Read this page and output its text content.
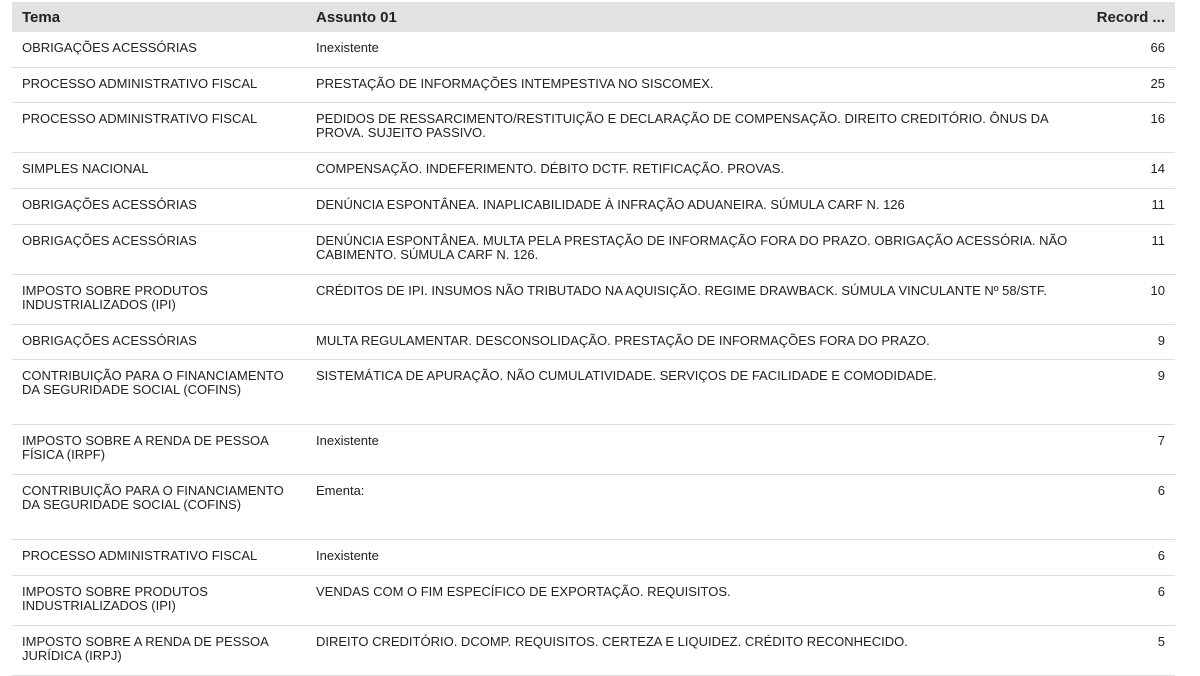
Tema	Assunto 01	Record ...
OBRIGAÇÕES ACESSÓRIAS	Inexistente	66
PROCESSO ADMINISTRATIVO FISCAL	PRESTAÇÃO DE INFORMAÇÕES INTEMPESTIVA NO SISCOMEX.	25
PROCESSO ADMINISTRATIVO FISCAL	PEDIDOS DE RESSARCIMENTO/RESTITUIÇÃO E DECLARAÇÃO DE COMPENSAÇÃO. DIREITO CREDITÓRIO. ÔNUS DA PROVA. SUJEITO PASSIVO.	16
SIMPLES NACIONAL	COMPENSAÇÃO. INDEFERIMENTO. DÉBITO DCTF. RETIFICAÇÃO. PROVAS.	14
OBRIGAÇÕES ACESSÓRIAS	DENÚNCIA ESPONTÂNEA. INAPLICABILIDADE À INFRAÇÃO ADUANEIRA. SÚMULA CARF N. 126	11
OBRIGAÇÕES ACESSÓRIAS	DENÚNCIA ESPONTÂNEA. MULTA PELA PRESTAÇÃO DE INFORMAÇÃO FORA DO PRAZO. OBRIGAÇÃO ACESSÓRIA. NÃO CABIMENTO. SÚMULA CARF N. 126.	11
IMPOSTO SOBRE PRODUTOS INDUSTRIALIZADOS (IPI)	CRÉDITOS DE IPI. INSUMOS NÃO TRIBUTADO NA AQUISIÇÃO. REGIME DRAWBACK. SÚMULA VINCULANTE Nº 58/STF.	10
OBRIGAÇÕES ACESSÓRIAS	MULTA REGULAMENTAR. DESCONSOLIDAÇÃO. PRESTAÇÃO DE INFORMAÇÕES FORA DO PRAZO.	9
CONTRIBUIÇÃO PARA O FINANCIAMENTO DA SEGURIDADE SOCIAL (COFINS)	SISTEMÁTICA DE APURAÇÃO. NÃO CUMULATIVIDADE. SERVIÇOS DE FACILIDADE E COMODIDADE.	9
IMPOSTO SOBRE A RENDA DE PESSOA FÍSICA (IRPF)	Inexistente	7
CONTRIBUIÇÃO PARA O FINANCIAMENTO DA SEGURIDADE SOCIAL (COFINS)	Ementa:	6
PROCESSO ADMINISTRATIVO FISCAL	Inexistente	6
IMPOSTO SOBRE PRODUTOS INDUSTRIALIZADOS (IPI)	VENDAS COM O FIM ESPECÍFICO DE EXPORTAÇÃO. REQUISITOS.	6
IMPOSTO SOBRE A RENDA DE PESSOA JURÍDICA (IRPJ)	DIREITO CREDITÓRIO. DCOMP. REQUISITOS. CERTEZA E LIQUIDEZ. CRÉDITO RECONHECIDO.	5
